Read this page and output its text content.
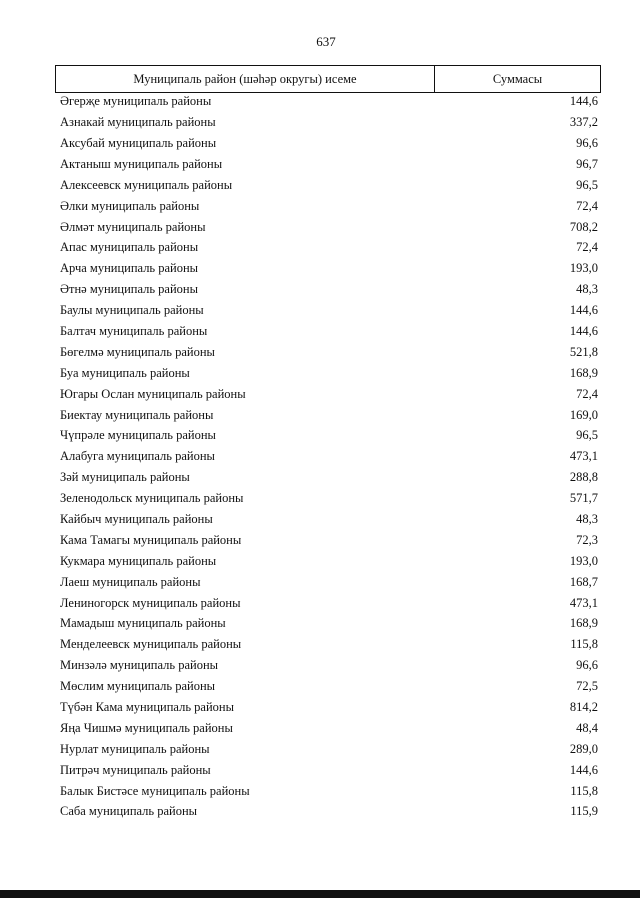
637
Муниципаль район (шәһәр округы) исеме	Суммасы
Әгерҗе муниципаль районы	144,6
Азнакай муниципаль районы	337,2
Аксубай муниципаль районы	96,6
Актаныш муниципаль районы	96,7
Алексеевск муниципаль районы	96,5
Әлки муниципаль районы	72,4
Әлмәт муниципаль районы	708,2
Апас муниципаль районы	72,4
Арча муниципаль районы	193,0
Әтнә муниципаль районы	48,3
Баулы муниципаль районы	144,6
Балтач муниципаль районы	144,6
Бөгелмә муниципаль районы	521,8
Буа муниципаль районы	168,9
Югары Ослан муниципаль районы	72,4
Биектау муниципаль районы	169,0
Чүпрәле муниципаль районы	96,5
Алабуга муниципаль районы	473,1
Зәй муниципаль районы	288,8
Зеленодольск муниципаль районы	571,7
Кайбыч муниципаль районы	48,3
Кама Тамагы муниципаль районы	72,3
Кукмара муниципаль районы	193,0
Лаеш муниципаль районы	168,7
Лениногорск муниципаль районы	473,1
Мамадыш муниципаль районы	168,9
Менделеевск муниципаль районы	115,8
Минзәлә муниципаль районы	96,6
Мөслим муниципаль районы	72,5
Түбән Кама муниципаль районы	814,2
Яңа Чишмә муниципаль районы	48,4
Нурлат муниципаль районы	289,0
Питрәч муниципаль районы	144,6
Балык Бистәсе муниципаль районы	115,8
Саба муниципаль районы	115,9
